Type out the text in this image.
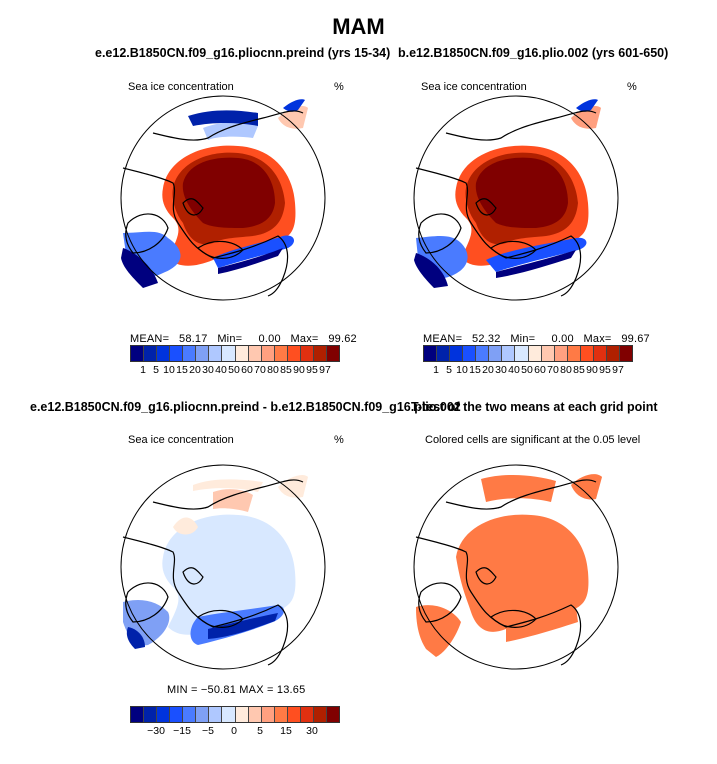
MAM
e.e12.B1850CN.f09_g16.pliocnn.preind (yrs 15-34)
Sea ice concentration	%
MEAN= 58.17 Min= 0.00 Max= 99.62
1 5 10 15 20 30 40 50 60 70 80 85 90 95 97
b.e12.B1850CN.f09_g16.plio.002 (yrs 601-650)
Sea ice concentration	%
MEAN= 52.32 Min= 0.00 Max= 99.67
1 5 10 15 20 30 40 50 60 70 80 85 90 95 97
e.e12.B1850CN.f09_g16.pliocnn.preind - b.e12.B1850CN.f09_g16.plio.002
Sea ice concentration	%
MIN = −50.81 MAX = 13.65
−30 −15 −5 0 5 15 30
T-test of the two means at each grid point
Colored cells are significant at the 0.05 level
